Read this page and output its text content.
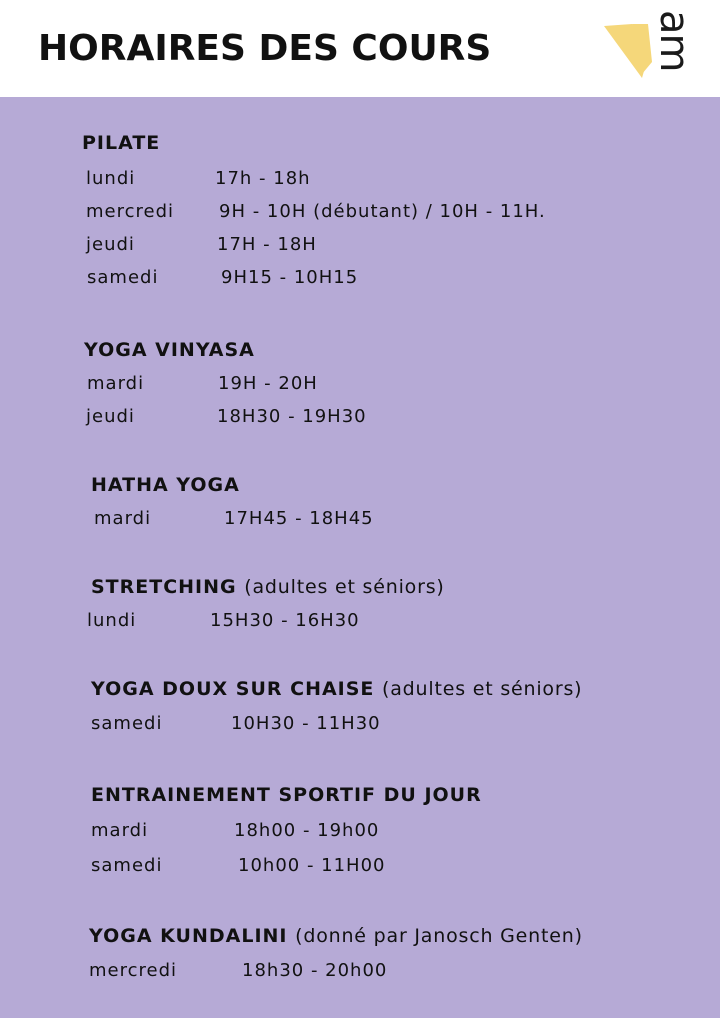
HORAIRES DES COURS	am
PILATE
lundi	17h - 18h
mercredi 9H - 10H (débutant) / 10H - 11H.
jeudi	17H - 18H
samedi	9H15 - 10H15
YOGA VINYASA
mardi	19H - 20H
jeudi	18H30 - 19H30
HATHA YOGA
mardi	17H45 - 18H45
STRETCHING (adultes et séniors)
lundi	15H30 - 16H30
YOGA DOUX SUR CHAISE (adultes et séniors)
samedi	10H30 - 11H30
ENTRAINEMENT SPORTIF DU JOUR
mardi	18h00 - 19h00
samedi	10h00 - 11H00
YOGA KUNDALINI (donné par Janosch Genten)
mercredi	18h30 - 20h00
